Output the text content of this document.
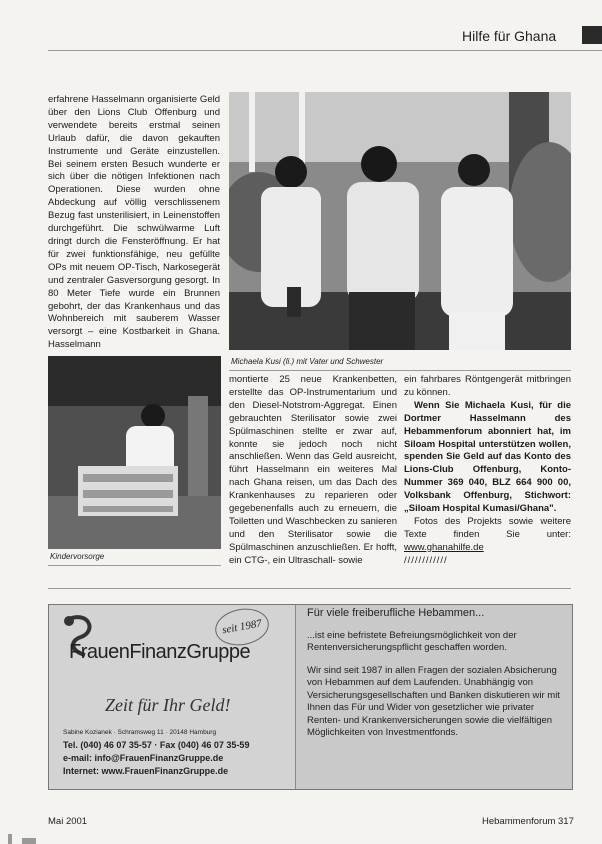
Hilfe für Ghana
Michaela Kusi (li.) mit Vater und Schwester

erfahrene Hasselmann organisierte Geld über den Lions Club Offenburg und verwendete bereits erstmal seinen Urlaub dafür, die davon gekauften Instrumente und Geräte einzustellen. Bei seinem ersten Besuch wunderte er sich über die nötigen Infektionen nach Operationen. Diese wurden ohne Abdeckung auf völlig verschlissenem Bezug fast unsterilisiert, in Leinenstoffen durchgeführt. Die schwülwarme Luft dringt durch die Fensteröffnung. Er hat für zwei funktionsfähige, neu gefüllte OPs mit neuem OP-Tisch, Narkosegerät und zentraler Gasversorgung gesorgt. In 80 Meter Tiefe wurde ein Brunnen gebohrt, der das Krankenhaus und das Wohnbereich mit sauberem Wasser versorgt – eine Kostbarkeit in Ghana. Hasselmann

Kindervorsorge

montierte 25 neue Krankenbetten, erstellte das OP-Instrumentarium und den Diesel-Notstrom-Aggregat. Einen gebrauchten Sterilisator sowie zwei Spülmaschinen stellte er zwar auf, konnte sie jedoch noch nicht anschließen. Wenn das Geld ausreicht, führt Hasselmann ein weiteres Mal nach Ghana reisen, um das Dach des Krankenhauses zu reparieren oder gegebenenfalls auch zu erneuern, die Toiletten und Waschbecken zu sanieren und den Sterilisator sowie die Spülmaschinen anzuschließen. Er hofft, ein CTG-, ein Ultraschall- sowie

ein fahrbares Röntgengerät mitbringen zu können.

Wenn Sie Michaela Kusi, für die Dortmer Hasselmann des Hebammenforum abonniert hat, im Siloam Hospital unterstützen wollen, spenden Sie Geld auf das Konto des Lions-Club Offenburg, Konto-Nummer 369 040, BLZ 664 900 00, Volksbank Offenburg, Stichwort: „Siloam Hospital Kumasi/Ghana".

Fotos des Projekts sowie weitere Texte finden Sie unter: www.ghanahilfe.de

////////////

seit 1987
FrauenFinanzGruppe
Zeit für Ihr Geld!
Sabine Kozianek · Schramsweg 11 · 20148 Hamburg
Tel. (040) 46 07 35-57 · Fax (040) 46 07 35-59
e-mail: info@FrauenFinanzGruppe.de
Internet: www.FrauenFinanzGruppe.de
Für viele freiberufliche Hebammen...
...ist eine befristete Befreiungsmöglichkeit von der Rentenversicherungspflicht geschaffen worden.
Wir sind seit 1987 in allen Fragen der sozialen Absicherung von Hebammen auf dem Laufenden. Unabhängig von Versicherungsgesellschaften und Banken diskutieren wir mit Ihnen das Für und Wider von gesetzlicher wie privater Renten- und Krankenversicherungen sowie die vielfältigen Möglichkeiten von Investmentfonds.
Mai 2001	Hebammenforum 317
